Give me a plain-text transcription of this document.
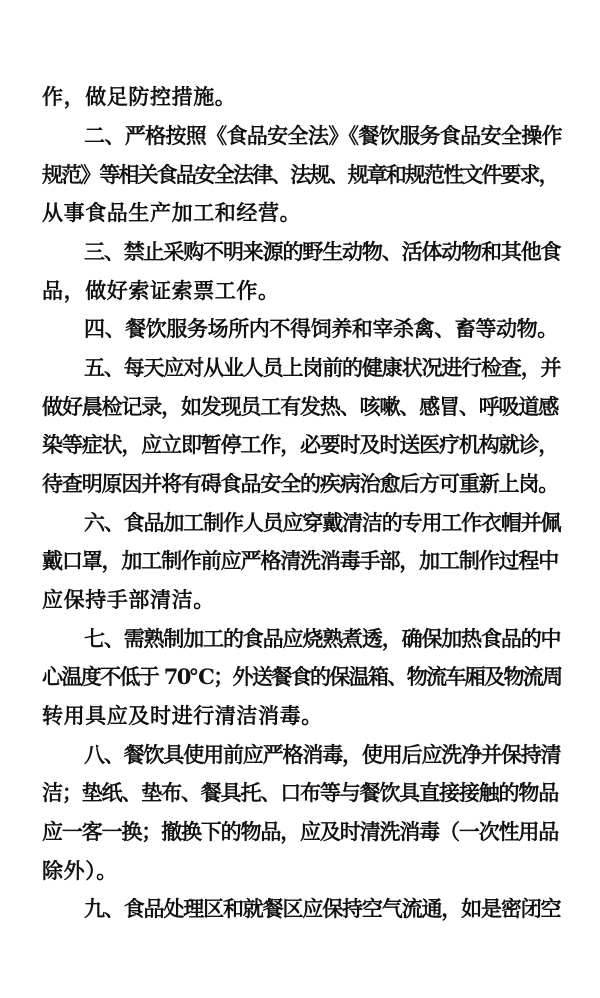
作，做足防控措施。
二、严格按照《食品安全法》《餐饮服务食品安全操作
规范》等相关食品安全法律、法规、规章和规范性文件要求，
从事食品生产加工和经营。
三、禁止采购不明来源的野生动物、活体动物和其他食
品，做好索证索票工作。
四、餐饮服务场所内不得饲养和宰杀禽、畜等动物。
五、每天应对从业人员上岗前的健康状况进行检查，并
做好晨检记录，如发现员工有发热、咳嗽、感冒、呼吸道感
染等症状，应立即暂停工作，必要时及时送医疗机构就诊，
待查明原因并将有碍食品安全的疾病治愈后方可重新上岗。
六、食品加工制作人员应穿戴清洁的专用工作衣帽并佩
戴口罩，加工制作前应严格清洗消毒手部，加工制作过程中
应保持手部清洁。
七、需熟制加工的食品应烧熟煮透，确保加热食品的中
心温度不低于 70℃；外送餐食的保温箱、物流车厢及物流周
转用具应及时进行清洁消毒。
八、餐饮具使用前应严格消毒，使用后应洗净并保持清
洁；垫纸、垫布、餐具托、口布等与餐饮具直接接触的物品
应一客一换；撤换下的物品，应及时清洗消毒（一次性用品
除外）。
九、食品处理区和就餐区应保持空气流通，如是密闭空
